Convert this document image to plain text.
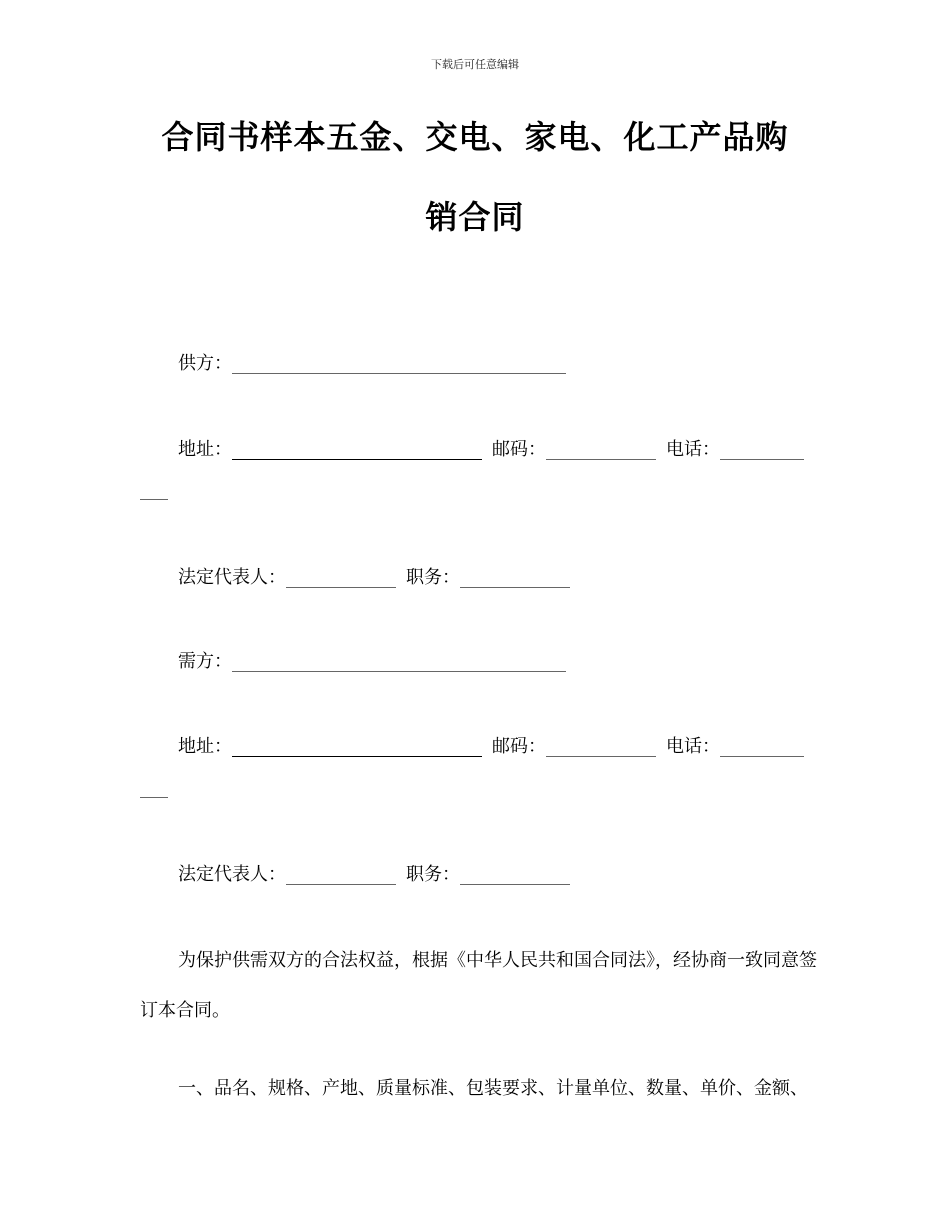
下载后可任意编辑
合同书样本五金、交电、家电、化工产品购
销合同
供方：
地址：	邮码：	电话：
法定代表人：	职务：
需方：
地址：	邮码：	电话：
法定代表人：	职务：
为保护供需双方的合法权益，根据《中华人民共和国合同法》，经协商一致同意签订本合同。
一、品名、规格、产地、质量标准、包装要求、计量单位、数量、单价、金额、
